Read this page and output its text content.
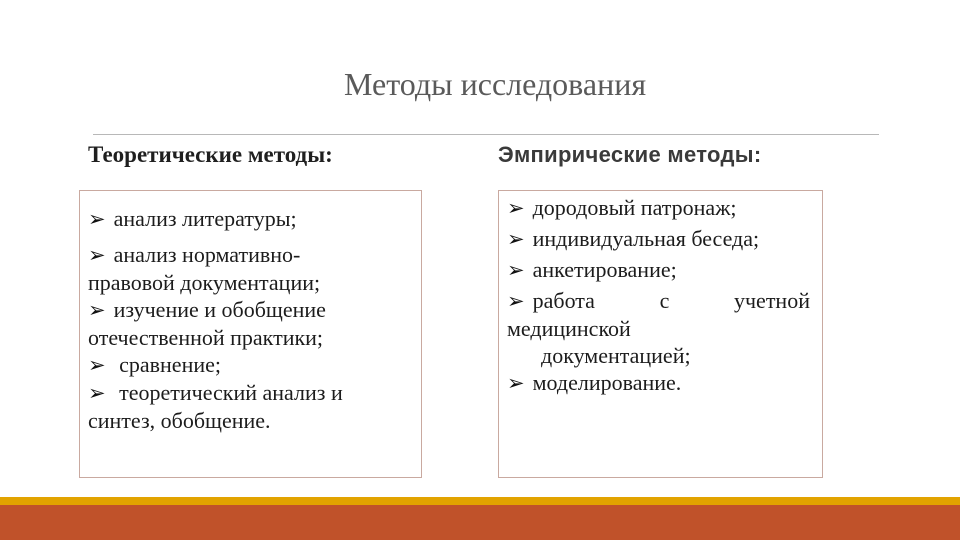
Методы исследования
Теоретические методы:	Эмпирические методы:
➢ анализ литературы;
➢ анализ нормативно-
правовой документации;
➢ изучение и обобщение
отечественной практики;
➢ сравнение;
➢ теоретический анализ и
синтез, обобщение.
➢ дородовый патронаж;
➢ индивидуальная беседа;
➢ анкетирование;
➢ работа	с	учетной
медицинской
документацией;
➢ моделирование.
